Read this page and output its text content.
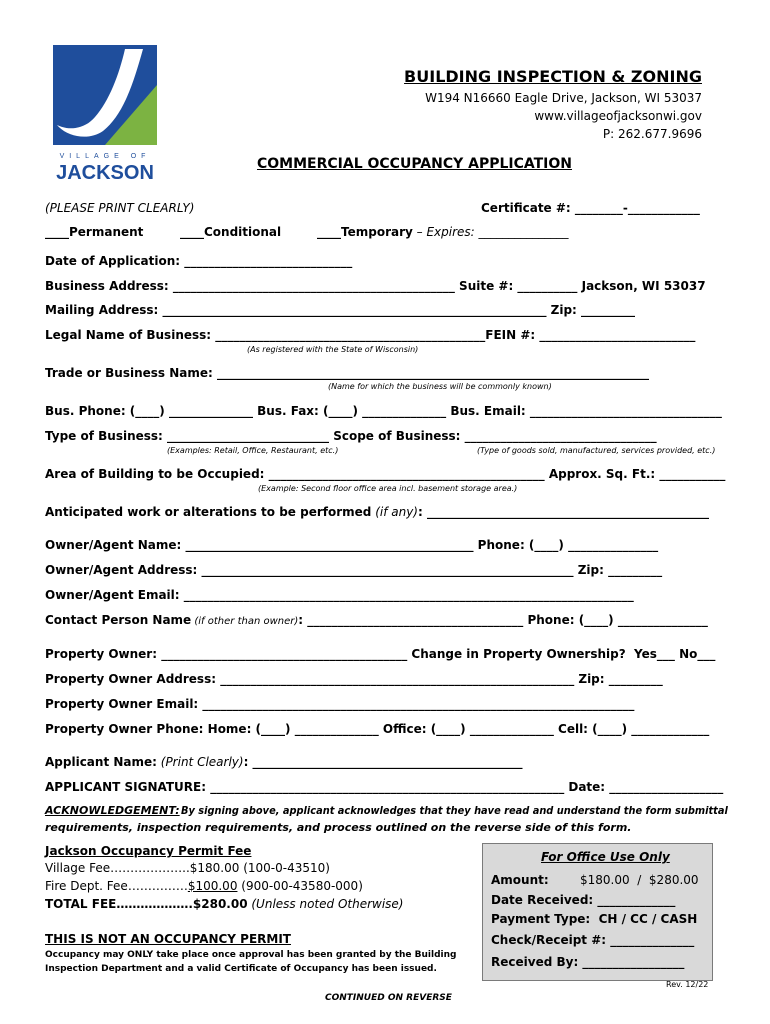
VILLAGE OF
JACKSON
BUILDING INSPECTION & ZONING
W194 N16660 Eagle Drive, Jackson, WI 53037
www.villageofjacksonwi.gov
P: 262.677.9696
COMMERCIAL OCCUPANCY APPLICATION
(PLEASE PRINT CLEARLY)	Certificate #: ________-____________
____Permanent	____Conditional	____Temporary – Expires: _______________
Date of Application: ____________________________
Business Address: _______________________________________________ Suite #: __________ Jackson, WI 53037
Mailing Address: ________________________________________________________________ Zip: _________
Legal Name of Business: _____________________________________________FEIN #: __________________________
(As registered with the State of Wisconsin)
Trade or Business Name: ________________________________________________________________________
(Name for which the business will be commonly known)
Bus. Phone: (____) ______________ Bus. Fax: (____) ______________ Bus. Email: ________________________________
Type of Business: ___________________________ Scope of Business: ________________________________
(Examples: Retail, Office, Restaurant, etc.)	(Type of goods sold, manufactured, services provided, etc.)
Area of Building to be Occupied: ______________________________________________ Approx. Sq. Ft.: ___________
(Example: Second floor office area incl. basement storage area.)
Anticipated work or alterations to be performed (if any): _______________________________________________
Owner/Agent Name: ________________________________________________ Phone: (____) _______________
Owner/Agent Address: ______________________________________________________________ Zip: _________
Owner/Agent Email: ___________________________________________________________________________
Contact Person Name (if other than owner): ____________________________________ Phone: (____) _______________
Property Owner: _________________________________________ Change in Property Ownership?  Yes___ No___
Property Owner Address: ___________________________________________________________ Zip: _________
Property Owner Email: ________________________________________________________________________
Property Owner Phone: Home: (____) ______________ Office: (____) ______________ Cell: (____) _____________
Applicant Name: (Print Clearly): _____________________________________________
APPLICANT SIGNATURE: ___________________________________________________________ Date: ___________________
ACKNOWLEDGEMENT: By signing above, applicant acknowledges that they have read and understand the form submittal
requirements, inspection requirements, and process outlined on the reverse side of this form.
Jackson Occupancy Permit Fee
Village Fee………………..$180.00 (100-0-43510)
Fire Dept. Fee……………$100.00 (900-00-43580-000)
TOTAL FEE……………….$280.00 (Unless noted Otherwise)
THIS IS NOT AN OCCUPANCY PERMIT
Occupancy may ONLY take place once approval has been granted by the Building
Inspection Department and a valid Certificate of Occupancy has been issued.
For Office Use Only
Amount:	$180.00  /  $280.00
Date Received: _____________
Payment Type:  CH / CC / CASH
Check/Receipt #: ______________
Received By: _________________
Rev. 12/22
CONTINUED ON REVERSE
